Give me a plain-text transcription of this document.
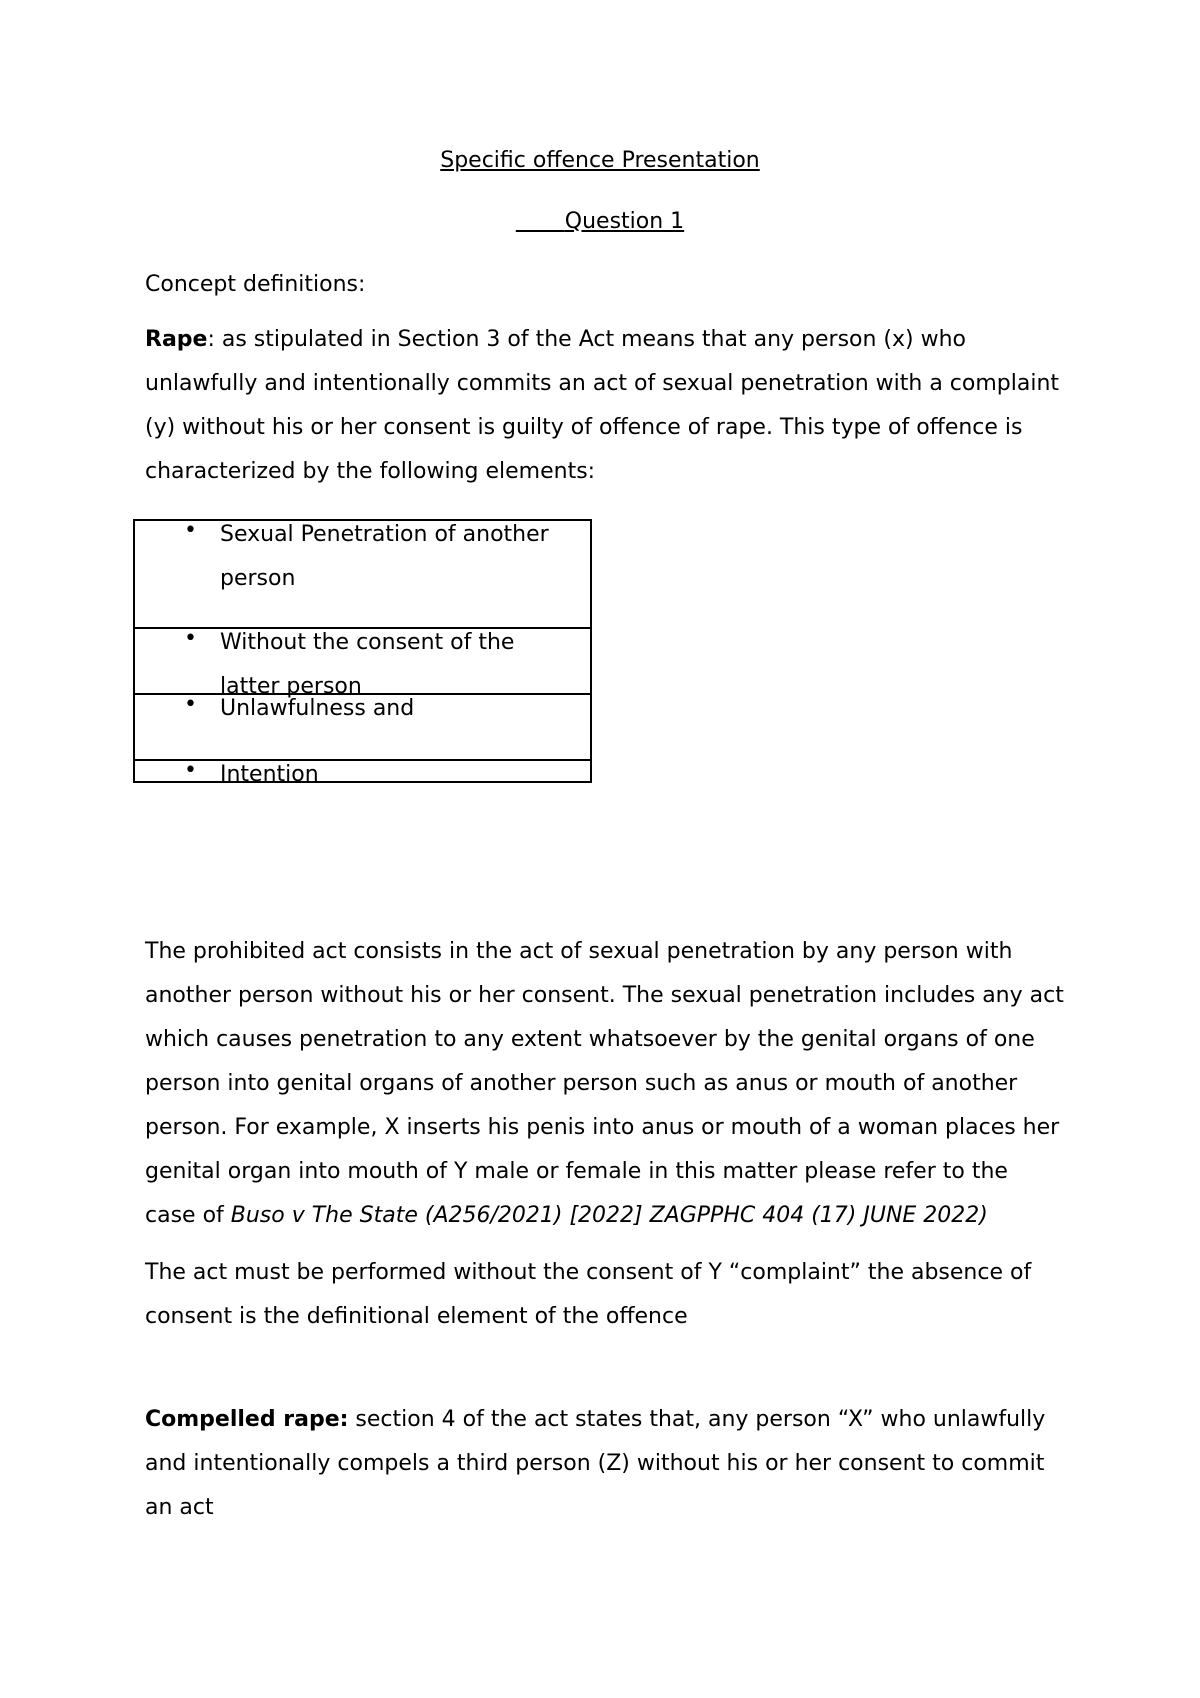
Specific offence Presentation
Question 1

Concept definitions:

Rape: as stipulated in Section 3 of the Act means that any person (x) who unlawfully and intentionally commits an act of sexual penetration with a complaint (y) without his or her consent is guilty of offence of rape. This type of offence is characterized by the following elements:

• Sexual Penetration of another person

• Without the consent of the latter person

• Unlawfulness and

• Intention

The prohibited act consists in the act of sexual penetration by any person with another person without his or her consent. The sexual penetration includes any act which causes penetration to any extent whatsoever by the genital organs of one person into genital organs of another person such as anus or mouth of another person. For example, X inserts his penis into anus or mouth of a woman places her genital organ into mouth of Y male or female in this matter please refer to the case of Buso v The State (A256/2021) [2022] ZAGPPHC 404 (17) JUNE 2022)

The act must be performed without the consent of Y “complaint” the absence of consent is the definitional element of the offence

Compelled rape: section 4 of the act states that, any person “X” who unlawfully and intentionally compels a third person (Z) without his or her consent to commit an act
